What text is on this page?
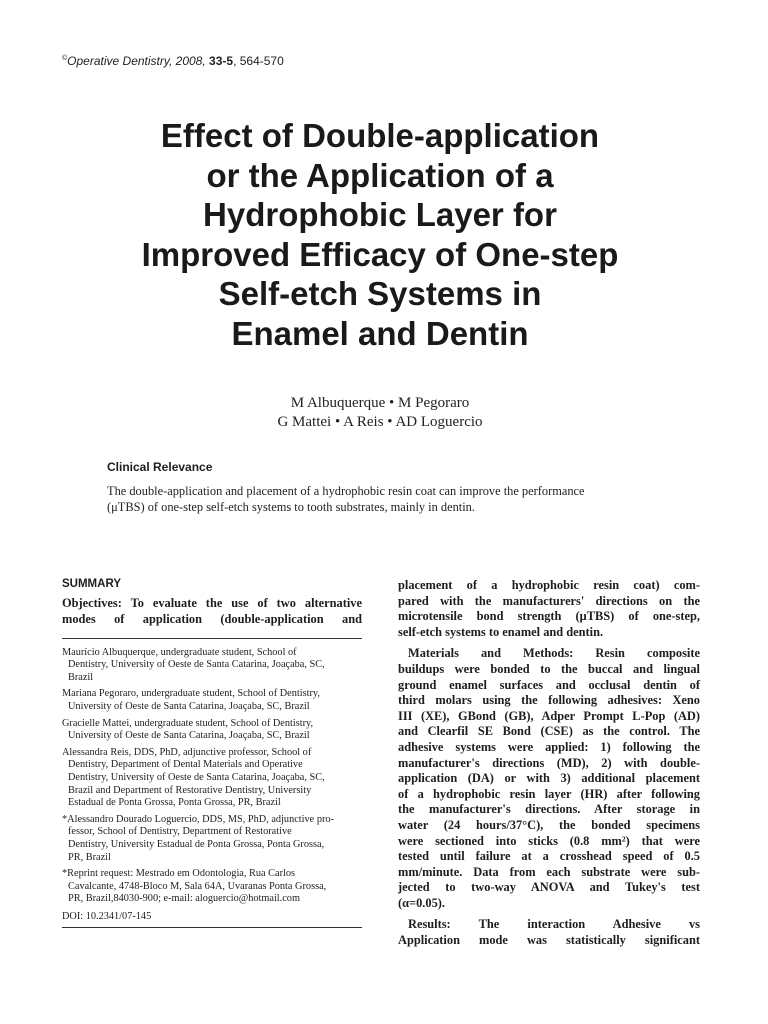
©Operative Dentistry, 2008, 33-5, 564-570
Effect of Double-application
or the Application of a
Hydrophobic Layer for
Improved Efficacy of One-step
Self-etch Systems in
Enamel and Dentin
M Albuquerque • M Pegoraro
G Mattei • A Reis • AD Loguercio
Clinical Relevance
The double-application and placement of a hydrophobic resin coat can improve the performance
(μTBS) of one-step self-etch systems to tooth substrates, mainly in dentin.
SUMMARY

Objectives: To evaluate the use of two alternative
modes of application (double-application and

Maurício Albuquerque, undergraduate student, School of
Dentistry, University of Oeste de Santa Catarina, Joaçaba, SC,
Brazil

Mariana Pegoraro, undergraduate student, School of Dentistry,
University of Oeste de Santa Catarina, Joaçaba, SC, Brazil

Gracielle Mattei, undergraduate student, School of Dentistry,
University of Oeste de Santa Catarina, Joaçaba, SC, Brazil

Alessandra Reis, DDS, PhD, adjunctive professor, School of
Dentistry, Department of Dental Materials and Operative
Dentistry, University of Oeste de Santa Catarina, Joaçaba, SC,
Brazil and Department of Restorative Dentistry, University
Estadual de Ponta Grossa, Ponta Grossa, PR, Brazil

*Alessandro Dourado Loguercio, DDS, MS, PhD, adjunctive pro-
fessor, School of Dentistry, Department of Restorative
Dentistry, University Estadual de Ponta Grossa, Ponta Grossa,
PR, Brazil

*Reprint request: Mestrado em Odontologia, Rua Carlos
Cavalcante, 4748-Bloco M, Sala 64A, Uvaranas Ponta Grossa,
PR, Brazil,84030-900; e-mail: aloguercio@hotmail.com

DOI: 10.2341/07-145

placement of a hydrophobic resin coat) com-
pared with the manufacturers' directions on the
microtensile bond strength (μTBS) of one-step,
self-etch systems to enamel and dentin.

Materials and Methods: Resin composite
buildups were bonded to the buccal and lingual
ground enamel surfaces and occlusal dentin of
third molars using the following adhesives: Xeno
III (XE), GBond (GB), Adper Prompt L-Pop (AD)
and Clearfil SE Bond (CSE) as the control. The
adhesive systems were applied: 1) following the
manufacturer's directions (MD), 2) with double-
application (DA) or with 3) additional placement
of a hydrophobic resin layer (HR) after following
the manufacturer's directions. After storage in
water (24 hours/37°C), the bonded specimens
were sectioned into sticks (0.8 mm²) that were
tested until failure at a crosshead speed of 0.5
mm/minute. Data from each substrate were sub-
jected to two-way ANOVA and Tukey's test
(α=0.05).

Results: The interaction Adhesive vs
Application mode was statistically significant
